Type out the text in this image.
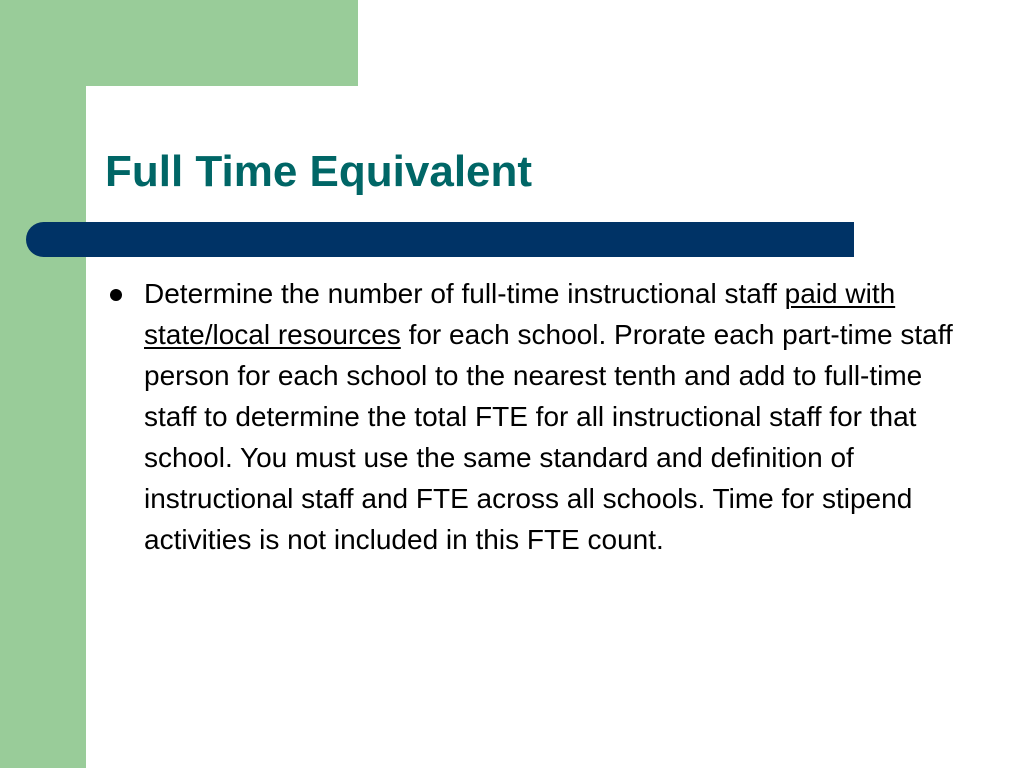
Full Time Equivalent
Determine the number of full-time instructional staff paid with state/local resources for each school. Prorate each part-time staff person for each school to the nearest tenth and add to full-time staff to determine the total FTE for all instructional staff for that school. You must use the same standard and definition of instructional staff and FTE across all schools. Time for stipend activities is not included in this FTE count.
